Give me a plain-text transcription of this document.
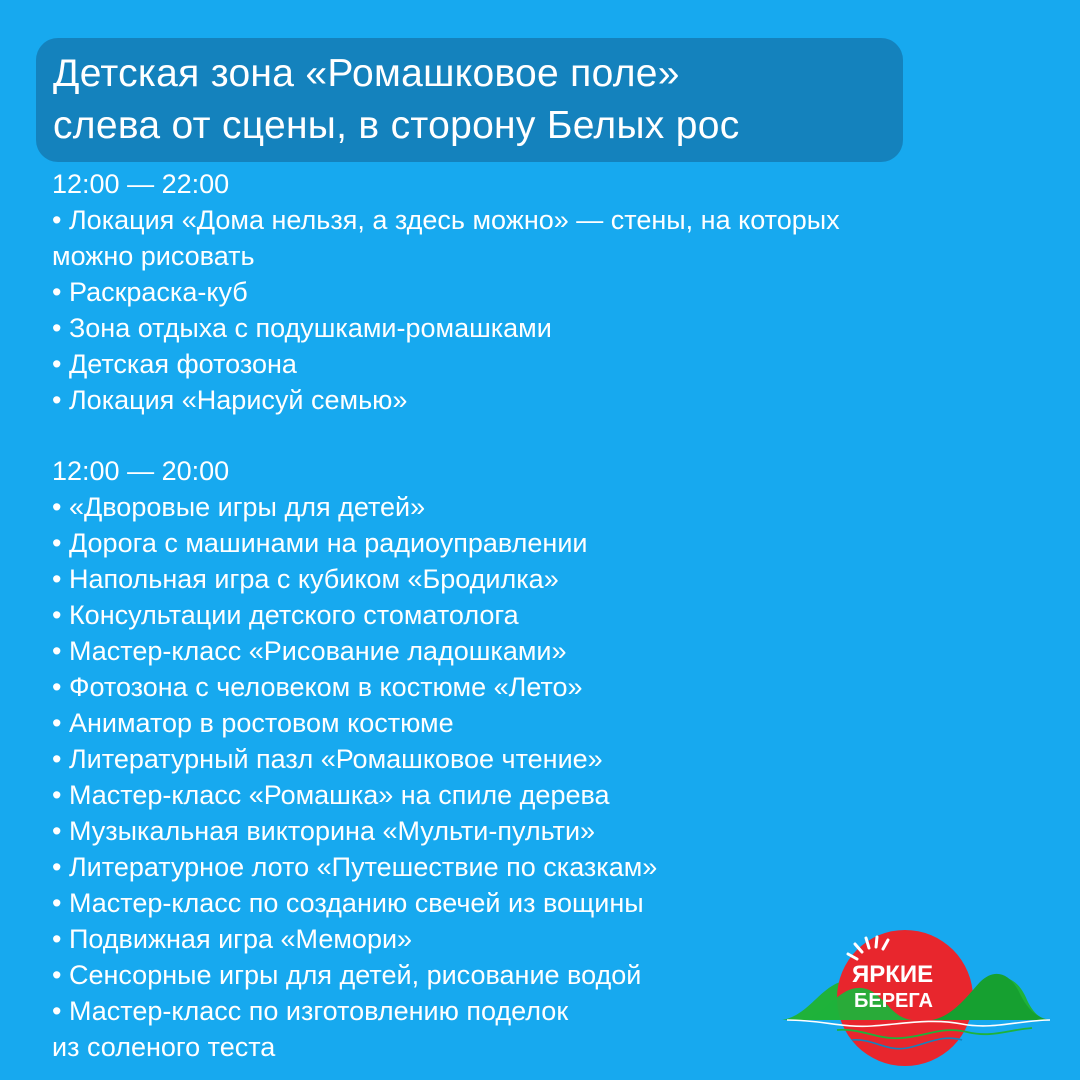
Детская зона «Ромашковое поле»
слева от сцены, в сторону Белых рос
12:00 — 22:00
• Локация «Дома нельзя, а здесь можно» — стены, на которых
можно рисовать
• Раскраска-куб
• Зона отдыха с подушками-ромашками
• Детская фотозона
• Локация «Нарисуй семью»
12:00 — 20:00
• «Дворовые игры для детей»
• Дорога с машинами на радиоуправлении
• Напольная игра с кубиком «Бродилка»
• Консультации детского стоматолога
• Мастер-класс «Рисование ладошками»
• Фотозона с человеком в костюме «Лето»
• Аниматор в ростовом костюме
• Литературный пазл «Ромашковое чтение»
• Мастер-класс «Ромашка» на спиле дерева
• Музыкальная викторина «Мульти-пульти»
• Литературное лото «Путешествие по сказкам»
• Мастер-класс по созданию свечей из вощины
• Подвижная игра «Мемори»
• Сенсорные игры для детей, рисование водой
• Мастер-класс по изготовлению поделок
из соленого теста
ЯРКИЕ
БЕРЕГА
